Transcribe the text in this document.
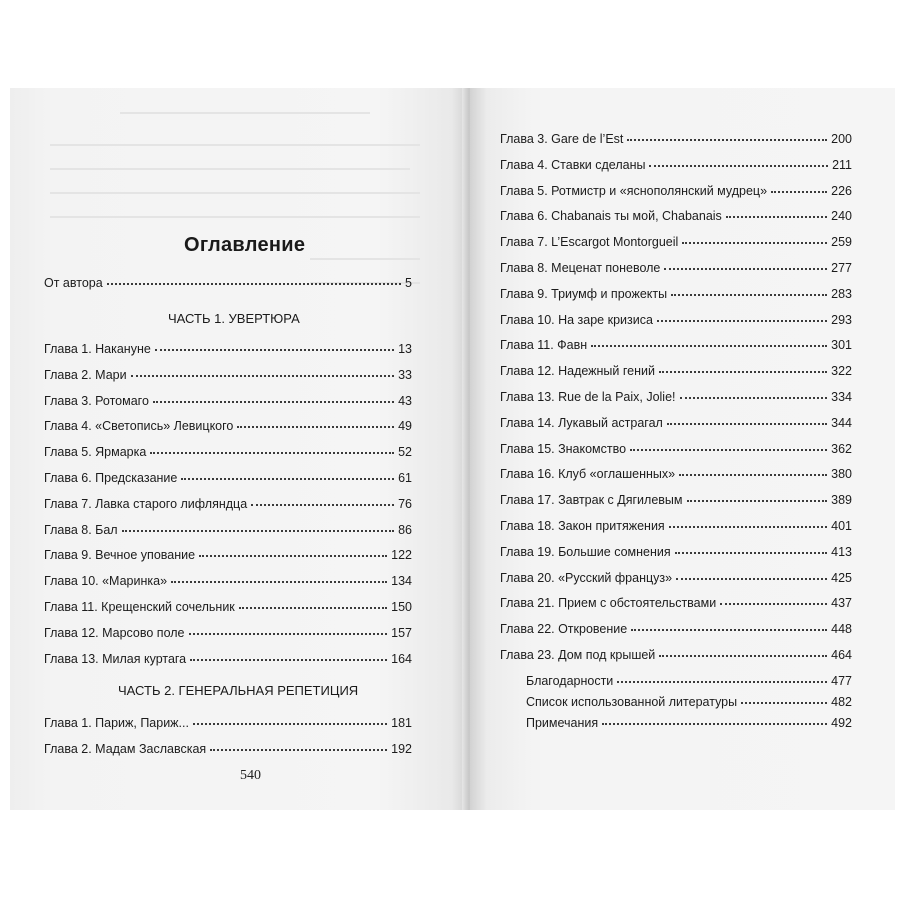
Оглавление
От автора	5
ЧАСТЬ 1. УВЕРТЮРА
Глава 1. Накануне	13
Глава 2. Мари	33
Глава 3. Ротомаго	43
Глава 4. «Светопись» Левицкого	49
Глава 5. Ярмарка	52
Глава 6. Предсказание	61
Глава 7. Лавка старого лифляндца	76
Глава 8. Бал	86
Глава 9. Вечное упование	122
Глава 10. «Маринка»	134
Глава 11. Крещенский сочельник	150
Глава 12. Марсово поле	157
Глава 13. Милая куртага	164
ЧАСТЬ 2. ГЕНЕРАЛЬНАЯ РЕПЕТИЦИЯ
Глава 1. Париж, Париж...	181
Глава 2. Мадам Заславская	192
540
Глава 3. Gare de l’Est	200
Глава 4. Ставки сделаны	211
Глава 5. Ротмистр и «яснополянский мудрец»	226
Глава 6. Chabanais ты мой, Chabanais	240
Глава 7. L’Escargot Montorgueil	259
Глава 8. Меценат поневоле	277
Глава 9. Триумф и прожекты	283
Глава 10. На заре кризиса	293
Глава 11. Фавн	301
Глава 12. Надежный гений	322
Глава 13. Rue de la Paix, Jolie!	334
Глава 14. Лукавый астрагал	344
Глава 15. Знакомство	362
Глава 16. Клуб «оглашенных»	380
Глава 17. Завтрак с Дягилевым	389
Глава 18. Закон притяжения	401
Глава 19. Большие сомнения	413
Глава 20. «Русский француз»	425
Глава 21. Прием с обстоятельствами	437
Глава 22. Откровение	448
Глава 23. Дом под крышей	464
Благодарности	477
Список использованной литературы	482
Примечания	492
